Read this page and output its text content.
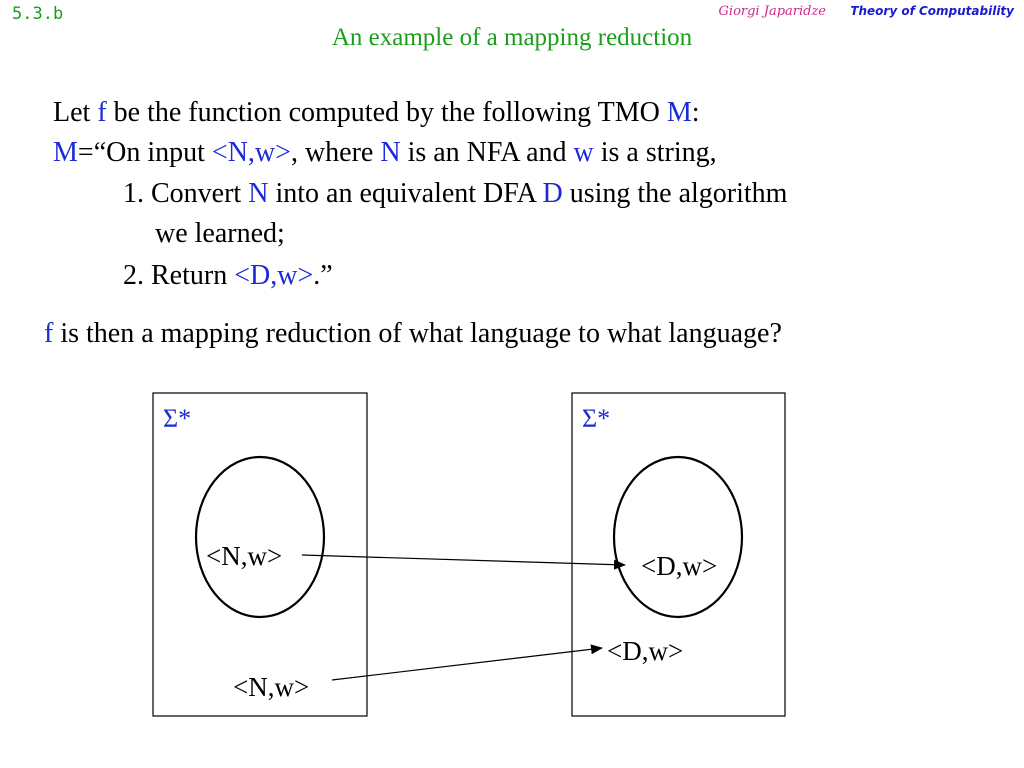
5.3.b	Giorgi Japaridze Theory of Computability
An example of a mapping reduction
Let f be the function computed by the following TMO M:
M=“On input <N,w>, where N is an NFA and w is a string,
1. Convert N into an equivalent DFA D using the algorithm
we learned;
2. Return <D,w>.”
f is then a mapping reduction of what language to what language?
Σ*	Σ*
<N,w>	<D,w>
<N,w>
<D,w>
